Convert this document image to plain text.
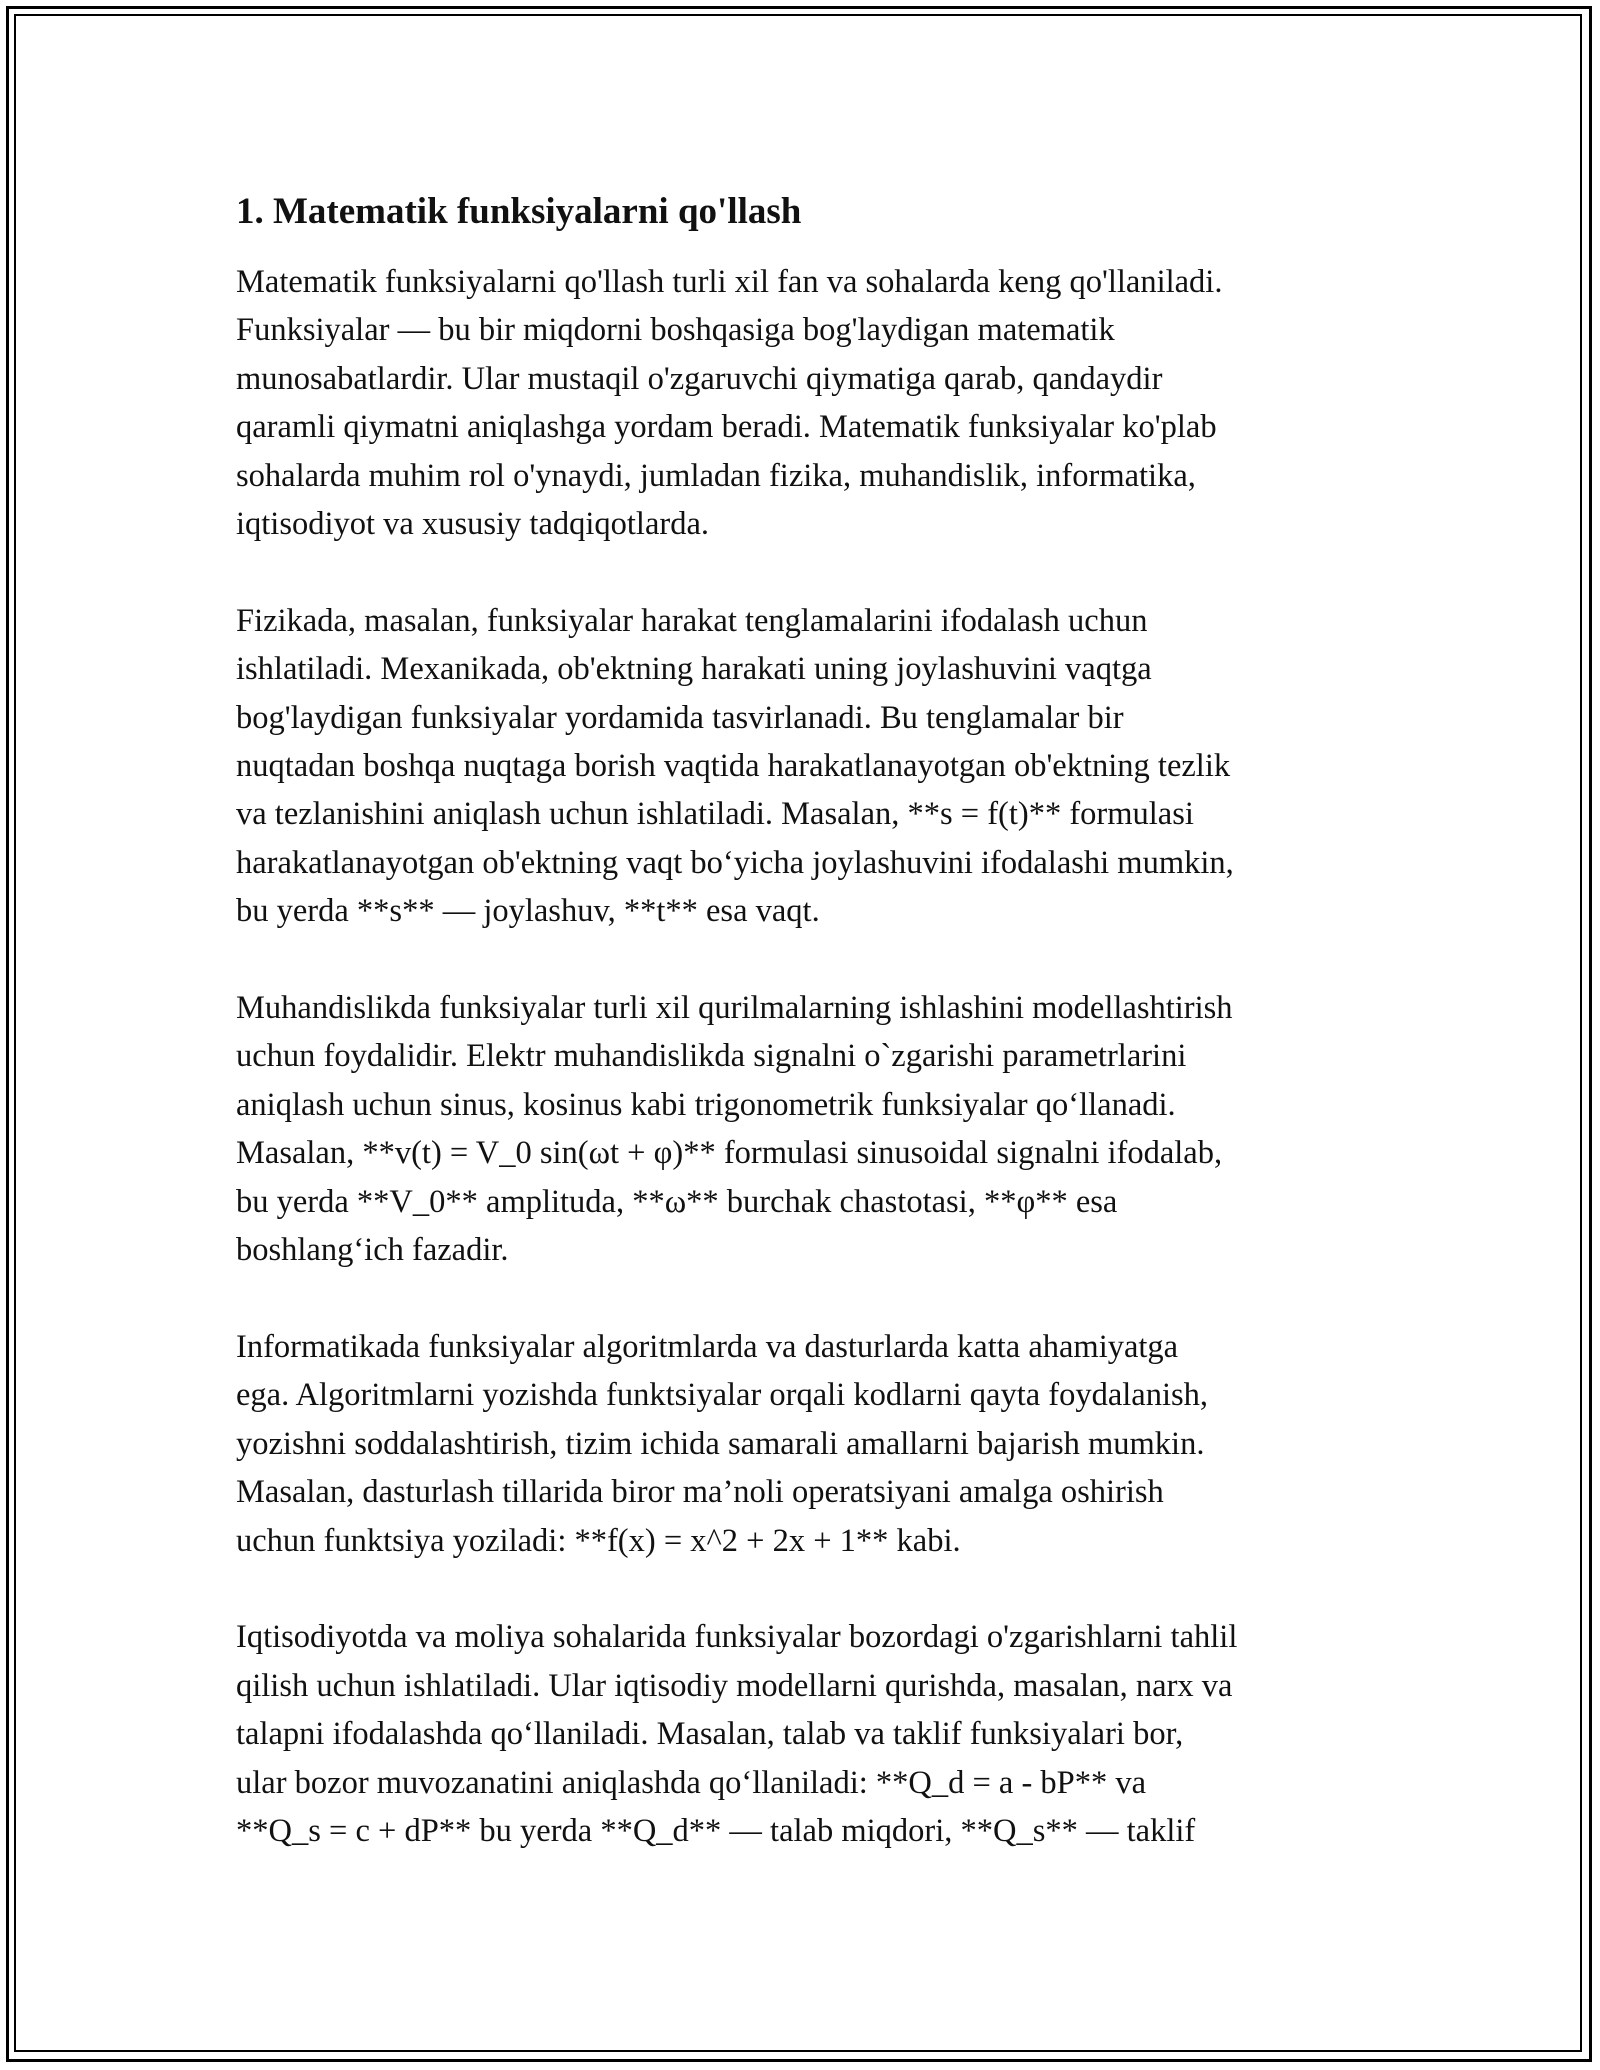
1. Matematik funksiyalarni qo'llash

Matematik funksiyalarni qo'llash turli xil fan va sohalarda keng qo'llaniladi.
Funksiyalar — bu bir miqdorni boshqasiga bog'laydigan matematik
munosabatlardir. Ular mustaqil o'zgaruvchi qiymatiga qarab, qandaydir
qaramli qiymatni aniqlashga yordam beradi. Matematik funksiyalar ko'plab
sohalarda muhim rol o'ynaydi, jumladan fizika, muhandislik, informatika,
iqtisodiyot va xususiy tadqiqotlarda.

Fizikada, masalan, funksiyalar harakat tenglamalarini ifodalash uchun
ishlatiladi. Mexanikada, ob'ektning harakati uning joylashuvini vaqtga
bog'laydigan funksiyalar yordamida tasvirlanadi. Bu tenglamalar bir
nuqtadan boshqa nuqtaga borish vaqtida harakatlanayotgan ob'ektning tezlik
va tezlanishini aniqlash uchun ishlatiladi. Masalan, **s = f(t)** formulasi
harakatlanayotgan ob'ektning vaqt bo‘yicha joylashuvini ifodalashi mumkin,
bu yerda **s** — joylashuv, **t** esa vaqt.

Muhandislikda funksiyalar turli xil qurilmalarning ishlashini modellashtirish
uchun foydalidir. Elektr muhandislikda signalni o`zgarishi parametrlarini
aniqlash uchun sinus, kosinus kabi trigonometrik funksiyalar qo‘llanadi.
Masalan, **v(t) = V_0 sin(ωt + φ)** formulasi sinusoidal signalni ifodalab,
bu yerda **V_0** amplituda, **ω** burchak chastotasi, **φ** esa
boshlang‘ich fazadir.

Informatikada funksiyalar algoritmlarda va dasturlarda katta ahamiyatga
ega. Algoritmlarni yozishda funktsiyalar orqali kodlarni qayta foydalanish,
yozishni soddalashtirish, tizim ichida samarali amallarni bajarish mumkin.
Masalan, dasturlash tillarida biror ma’noli operatsiyani amalga oshirish
uchun funktsiya yoziladi: **f(x) = x^2 + 2x + 1** kabi.

Iqtisodiyotda va moliya sohalarida funksiyalar bozordagi o'zgarishlarni tahlil
qilish uchun ishlatiladi. Ular iqtisodiy modellarni qurishda, masalan, narx va
talapni ifodalashda qo‘llaniladi. Masalan, talab va taklif funksiyalari bor,
ular bozor muvozanatini aniqlashda qo‘llaniladi: **Q_d = a - bP** va
**Q_s = c + dP** bu yerda **Q_d** — talab miqdori, **Q_s** — taklif
